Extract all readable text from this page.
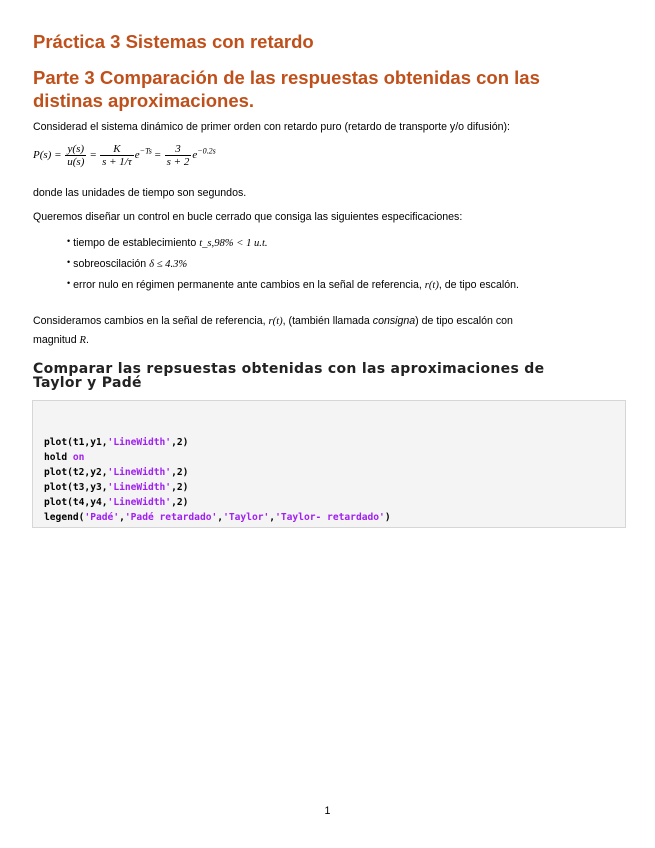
Práctica 3 Sistemas con retardo
Parte 3 Comparación de las respuestas obtenidas con las distinas aproximaciones.
Considerad el sistema dinámico de primer orden con retardo puro (retardo de transporte y/o difusión):
$P(s) = \frac{y(s)}{u(s)} = \frac{K}{s + 1/\tau} e^{-Ts} = \frac{3}{s + 2} e^{-0.2s}$
donde las unidades de tiempo son segundos.
Queremos diseñar un control en bucle cerrado que consiga las siguientes especificaciones:
• tiempo de establecimiento t_s,98% < 1 u.t.
• sobreoscilación δ ≤ 4.3%
• error nulo en régimen permanente ante cambios en la señal de referencia, r(t), de tipo escalón.
Consideramos cambios en la señal de referencia, r(t), (también llamada consigna) de tipo escalón con
magnitud R.
Comparar las repsuestas obtenidas con las aproximaciones de Taylor y Padé
plot(t1,y1,'LineWidth',2)
hold on
plot(t2,y2,'LineWidth',2)
plot(t3,y3,'LineWidth',2)
plot(t4,y4,'LineWidth',2)
legend('Padé','Padé retardado','Taylor','Taylor- retardado')
1
